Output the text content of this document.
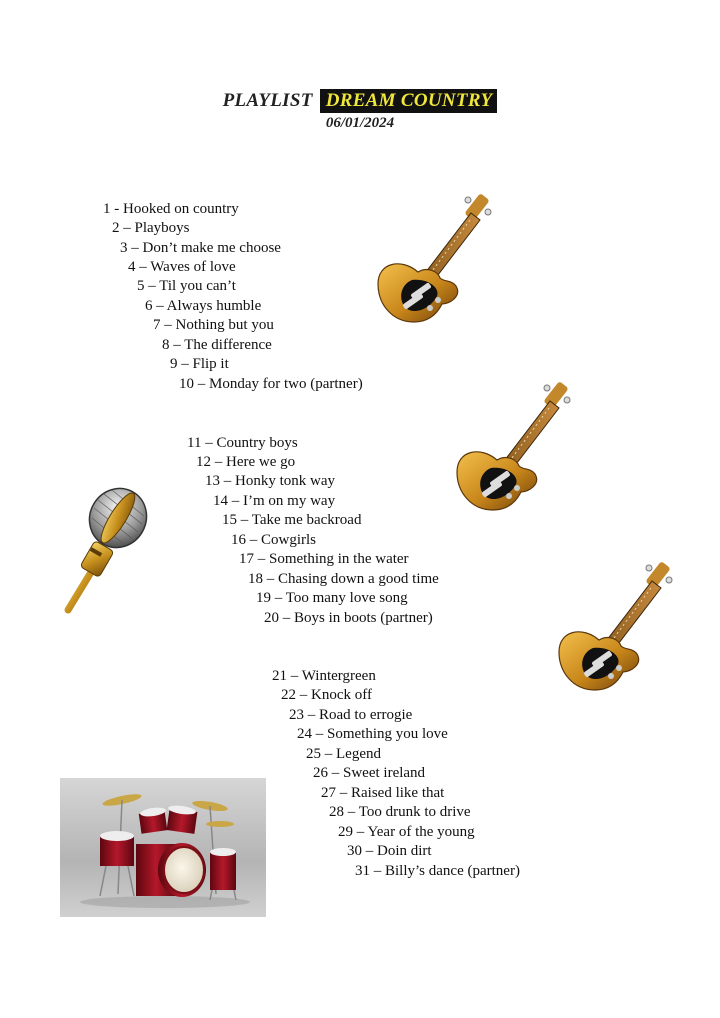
PLAYLIST DREAM COUNTRY
06/01/2024
1 - Hooked on country
2 – Playboys
3 – Don’t make me choose
4 – Waves of love
5 – Til you can’t
6 – Always humble
7 – Nothing but you
8 – The difference
9 – Flip it
10 – Monday for two (partner)
11 – Country boys
12 – Here we go
13 – Honky tonk way
14 – I’m on my way
15 – Take me backroad
16 – Cowgirls
17 – Something in the water
18 – Chasing down a good time
19 – Too many love song
20 – Boys in boots (partner)
21 – Wintergreen
22 – Knock off
23 – Road to errogie
24 – Something you love
25 – Legend
26 – Sweet ireland
27 – Raised like that
28 – Too drunk to drive
29 – Year of the young
30 – Doin dirt
31 – Billy’s dance (partner)
